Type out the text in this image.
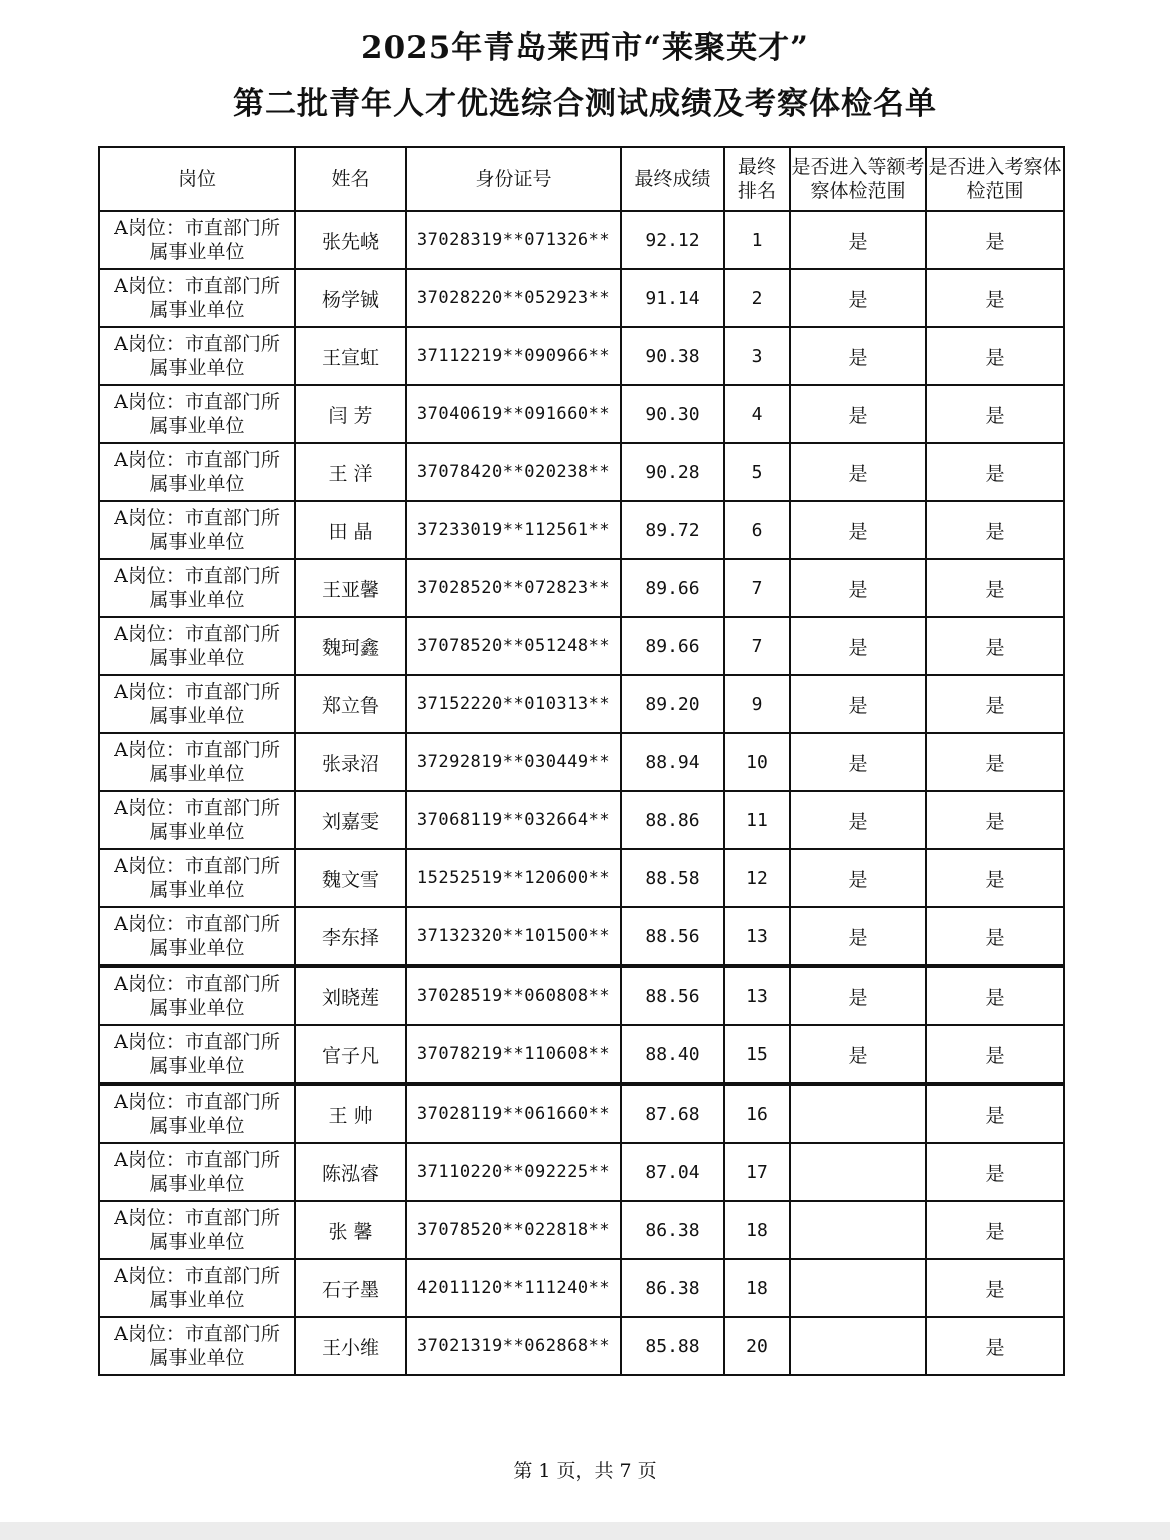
2025年青岛莱西市“莱聚英才”
第二批青年人才优选综合测试成绩及考察体检名单
岗位	姓名	身份证号	最终成绩	最终排名	是否进入等额考察体检范围	是否进入考察体检范围
A岗位：市直部门所属事业单位	张先峣	37028319**071326**	92.12	1	是	是
A岗位：市直部门所属事业单位	杨学铖	37028220**052923**	91.14	2	是	是
A岗位：市直部门所属事业单位	王宣虹	37112219**090966**	90.38	3	是	是
A岗位：市直部门所属事业单位	闫 芳	37040619**091660**	90.30	4	是	是
A岗位：市直部门所属事业单位	王 洋	37078420**020238**	90.28	5	是	是
A岗位：市直部门所属事业单位	田 晶	37233019**112561**	89.72	6	是	是
A岗位：市直部门所属事业单位	王亚馨	37028520**072823**	89.66	7	是	是
A岗位：市直部门所属事业单位	魏珂鑫	37078520**051248**	89.66	7	是	是
A岗位：市直部门所属事业单位	郑立鲁	37152220**010313**	89.20	9	是	是
A岗位：市直部门所属事业单位	张录沼	37292819**030449**	88.94	10	是	是
A岗位：市直部门所属事业单位	刘嘉雯	37068119**032664**	88.86	11	是	是
A岗位：市直部门所属事业单位	魏文雪	15252519**120600**	88.58	12	是	是
A岗位：市直部门所属事业单位	李东择	37132320**101500**	88.56	13	是	是
A岗位：市直部门所属事业单位	刘晓莲	37028519**060808**	88.56	13	是	是
A岗位：市直部门所属事业单位	官子凡	37078219**110608**	88.40	15	是	是
A岗位：市直部门所属事业单位	王 帅	37028119**061660**	87.68	16		是
A岗位：市直部门所属事业单位	陈泓睿	37110220**092225**	87.04	17		是
A岗位：市直部门所属事业单位	张 馨	37078520**022818**	86.38	18		是
A岗位：市直部门所属事业单位	石子墨	42011120**111240**	86.38	18		是
A岗位：市直部门所属事业单位	王小维	37021319**062868**	85.88	20		是
第 1 页，共 7 页
